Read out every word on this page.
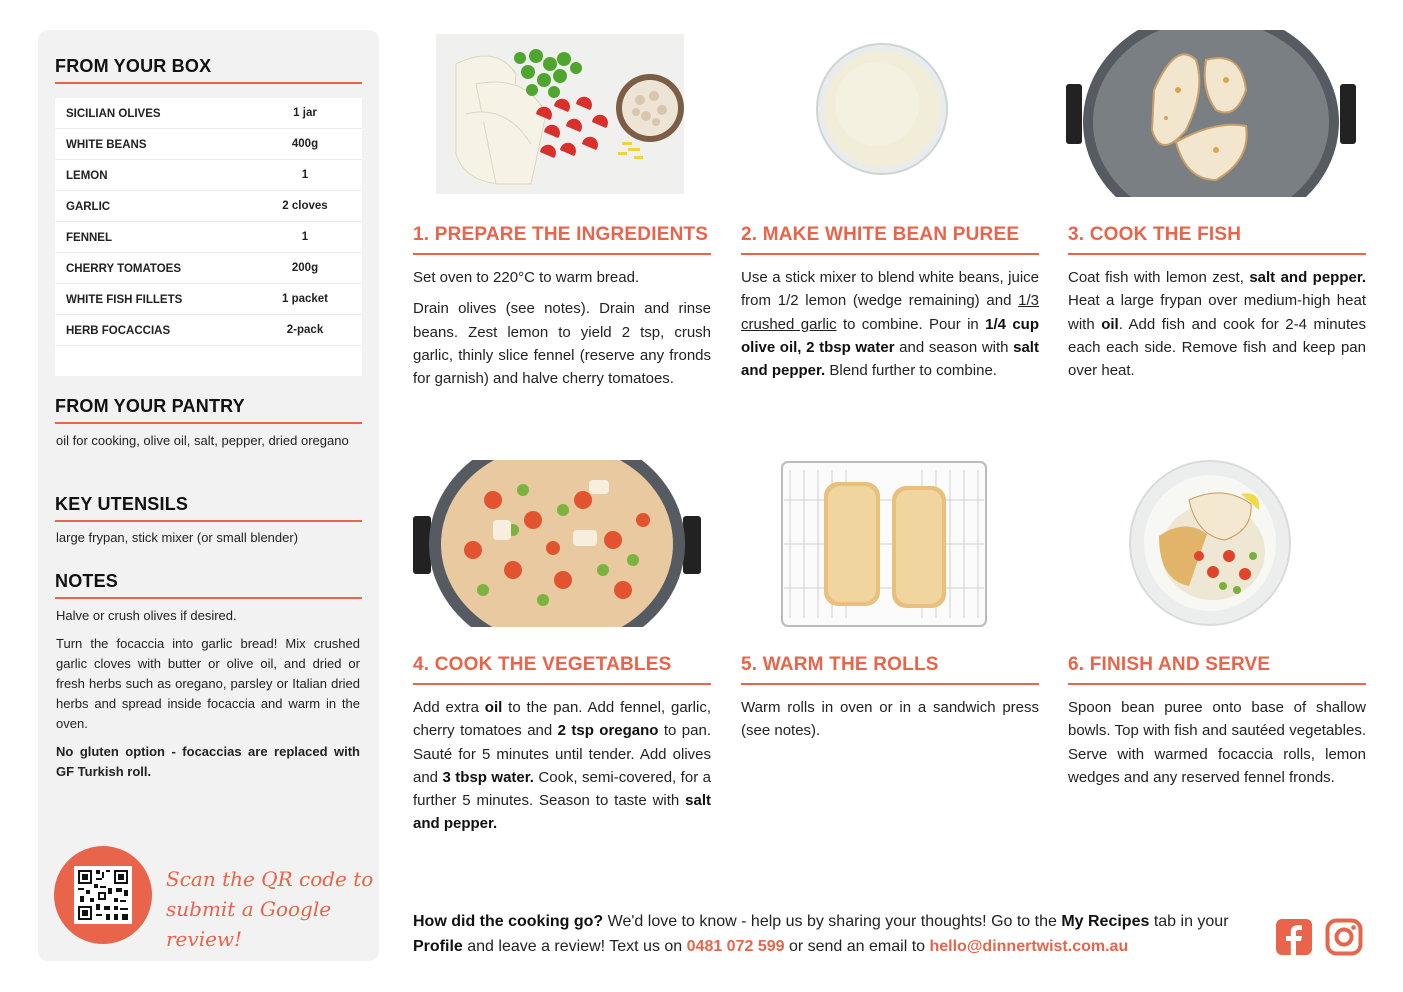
FROM YOUR BOX
SICILIAN OLIVES	1 jar
WHITE BEANS	400g
LEMON	1
GARLIC	2 cloves
FENNEL	1
CHERRY TOMATOES	200g
WHITE FISH FILLETS	1 packet
HERB FOCACCIAS	2-pack
FROM YOUR PANTRY
oil for cooking, olive oil, salt, pepper, dried oregano
KEY UTENSILS
large frypan, stick mixer (or small blender)
NOTES
Halve or crush olives if desired.
Turn the focaccia into garlic bread! Mix crushed garlic cloves with butter or olive oil, and dried or fresh herbs such as oregano, parsley or Italian dried herbs and spread inside focaccia and warm in the oven.
No gluten option - focaccias are replaced with GF Turkish roll.
Scan the QR code to
submit a Google review!
1. PREPARE THE INGREDIENTS

Set oven to 220°C to warm bread.

Drain olives (see notes). Drain and rinse beans. Zest lemon to yield 2 tsp, crush garlic, thinly slice fennel (reserve any fronds for garnish) and halve cherry tomatoes.

2. MAKE WHITE BEAN PUREE
Use a stick mixer to blend white beans, juice from 1/2 lemon (wedge remaining) and 1/3 crushed garlic to combine. Pour in 1/4 cup olive oil, 2 tbsp water and season with salt and pepper. Blend further to combine.
3. COOK THE FISH
Coat fish with lemon zest, salt and pepper. Heat a large frypan over medium-high heat with oil. Add fish and cook for 2-4 minutes each each side. Remove fish and keep pan over heat.
4. COOK THE VEGETABLES
Add extra oil to the pan. Add fennel, garlic, cherry tomatoes and 2 tsp oregano to pan. Sauté for 5 minutes until tender. Add olives and 3 tbsp water. Cook, semi-covered, for a further 5 minutes. Season to taste with salt and pepper.
5. WARM THE ROLLS
Warm rolls in oven or in a sandwich press (see notes).
6. FINISH AND SERVE
Spoon bean puree onto base of shallow bowls. Top with fish and sautéed vegetables. Serve with warmed focaccia rolls, lemon wedges and any reserved fennel fronds.
How did the cooking go? We'd love to know - help us by sharing your thoughts! Go to the My Recipes tab in your Profile and leave a review! Text us on 0481 072 599 or send an email to hello@dinnertwist.com.au
